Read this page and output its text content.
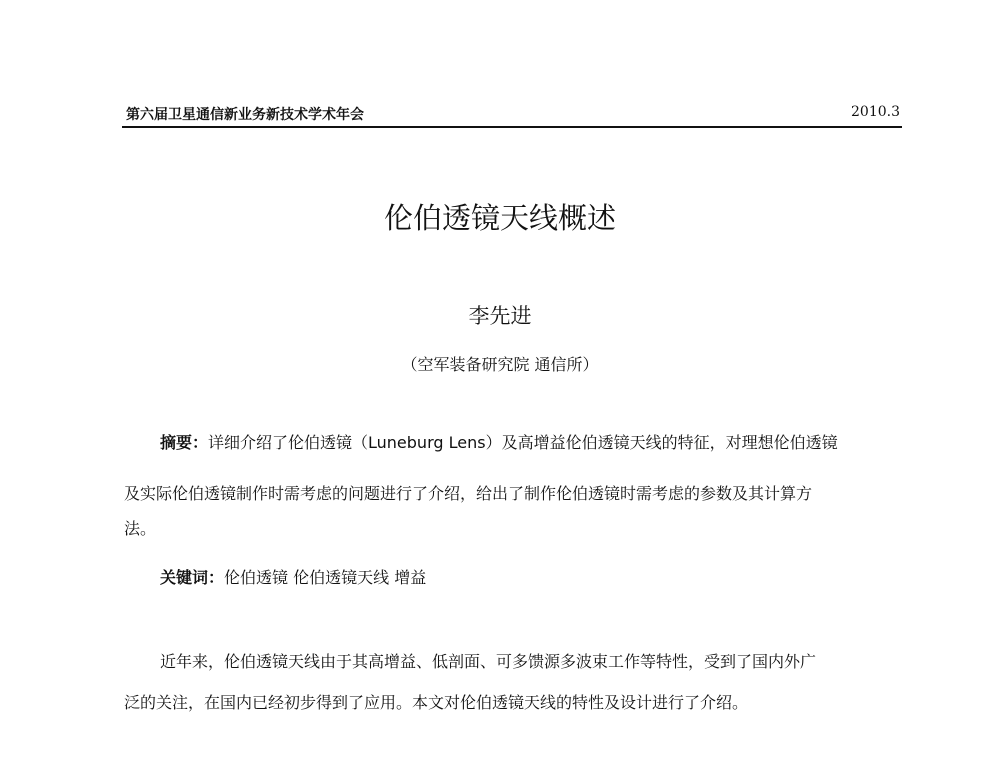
第六届卫星通信新业务新技术学术年会	2010.3
伦伯透镜天线概述
李先进
（空军装备研究院 通信所）
摘要：详细介绍了伦伯透镜（Luneburg Lens）及高增益伦伯透镜天线的特征，对理想伦伯透镜
及实际伦伯透镜制作时需考虑的问题进行了介绍，给出了制作伦伯透镜时需考虑的参数及其计算方
法。
关键词：伦伯透镜 伦伯透镜天线 增益
近年来，伦伯透镜天线由于其高增益、低剖面、可多馈源多波束工作等特性，受到了国内外广
泛的关注，在国内已经初步得到了应用。本文对伦伯透镜天线的特性及设计进行了介绍。
